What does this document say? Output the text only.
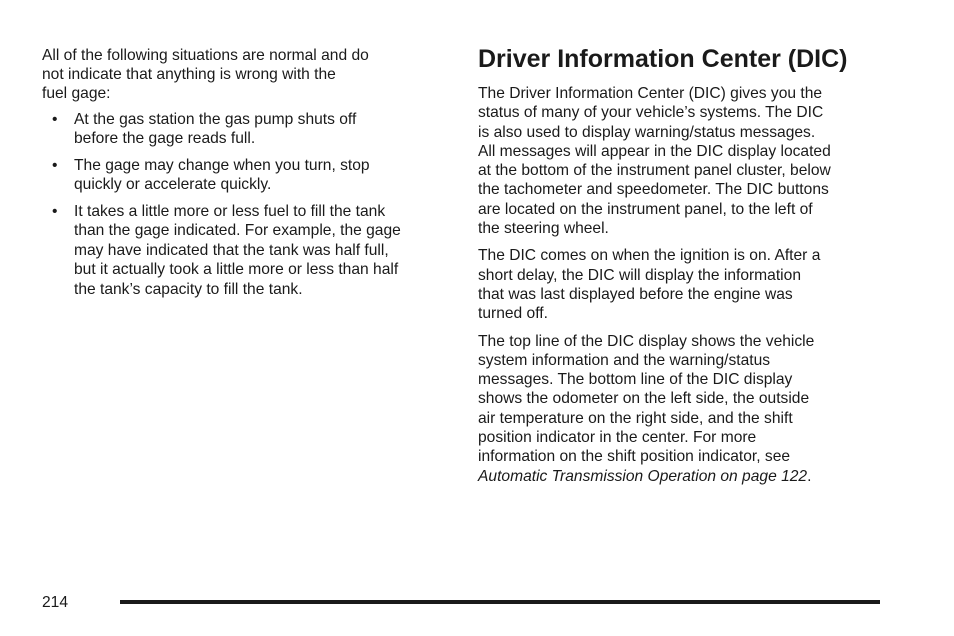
All of the following situations are normal and do
not indicate that anything is wrong with the
fuel gage:

• At the gas station the gas pump shuts off
before the gage reads full.
• The gage may change when you turn, stop
quickly or accelerate quickly.
• It takes a little more or less fuel to fill the tank
than the gage indicated. For example, the gage
may have indicated that the tank was half full,
but it actually took a little more or less than half
the tank’s capacity to fill the tank.
Driver Information Center (DIC)

The Driver Information Center (DIC) gives you the
status of many of your vehicle’s systems. The DIC
is also used to display warning/status messages.
All messages will appear in the DIC display located
at the bottom of the instrument panel cluster, below
the tachometer and speedometer. The DIC buttons
are located on the instrument panel, to the left of
the steering wheel.

The DIC comes on when the ignition is on. After a
short delay, the DIC will display the information
that was last displayed before the engine was
turned off.

The top line of the DIC display shows the vehicle
system information and the warning/status
messages. The bottom line of the DIC display
shows the odometer on the left side, the outside
air temperature on the right side, and the shift
position indicator in the center. For more
information on the shift position indicator, see
Automatic Transmission Operation on page 122.

214
